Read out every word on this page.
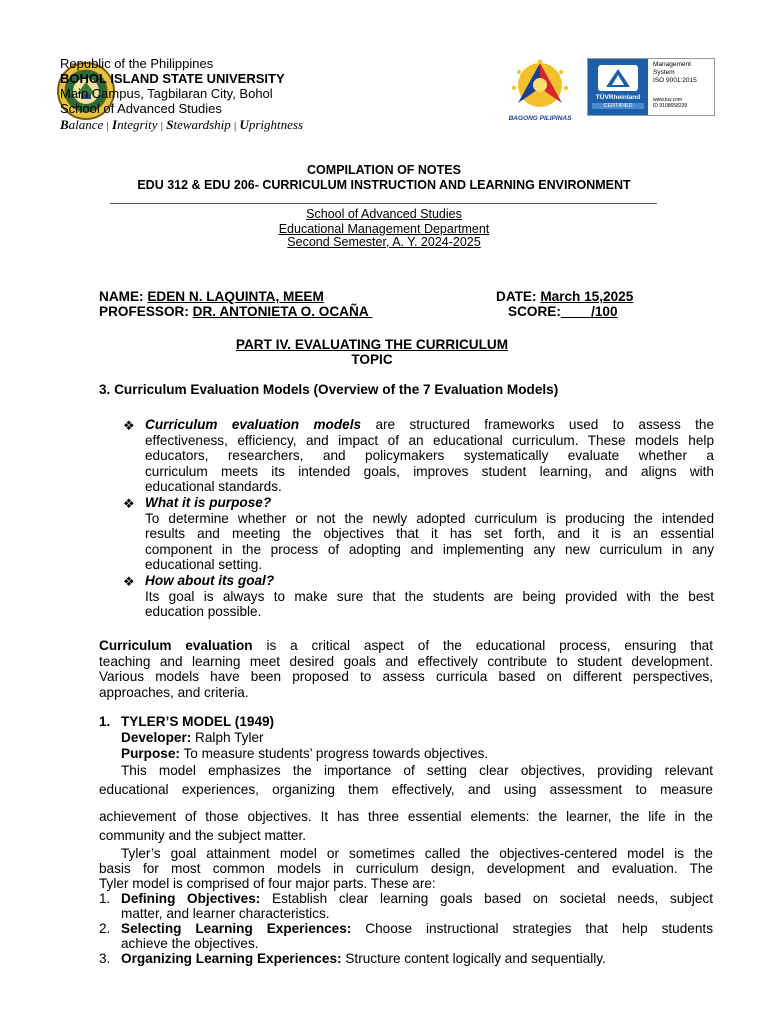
Republic of the Philippines
BOHOL ISLAND STATE UNIVERSITY
Main Campus, Tagbilaran City, Bohol
School of Advanced Studies
Balance | Integrity | Stewardship | Uprightness	BAGONG PILIPINAS
TÜVRheinland
CERTIFIED
Management
System
ISO 9001:2015
www.tuv.com
ID 9108658239
COMPILATION OF NOTES
EDU 312 & EDU 206- CURRICULUM INSTRUCTION AND LEARNING ENVIRONMENT
School of Advanced Studies
Educational Management Department
Second Semester, A. Y. 2024-2025
NAME: EDEN N. LAQUINTA, MEEM	DATE: March 15,2025
PROFESSOR: DR. ANTONIETA O. OCAÑA	SCORE: /100
PART IV. EVALUATING THE CURRICULUM
TOPIC
3. Curriculum Evaluation Models (Overview of the 7 Evaluation Models)
❖ Curriculum evaluation models are structured frameworks used to assess the
effectiveness, efficiency, and impact of an educational curriculum. These models help
educators, researchers, and policymakers systematically evaluate whether a
curriculum meets its intended goals, improves student learning, and aligns with
educational standards.
❖ What it is purpose?
To determine whether or not the newly adopted curriculum is producing the intended
results and meeting the objectives that it has set forth, and it is an essential
component in the process of adopting and implementing any new curriculum in any
educational setting.
❖ How about its goal?
Its goal is always to make sure that the students are being provided with the best
education possible.
Curriculum evaluation is a critical aspect of the educational process, ensuring that
teaching and learning meet desired goals and effectively contribute to student development.
Various models have been proposed to assess curricula based on different perspectives,
approaches, and criteria.
1. TYLER’S MODEL (1949)
Developer: Ralph Tyler
Purpose: To measure students’ progress towards objectives.
This model emphasizes the importance of setting clear objectives, providing relevant
educational experiences, organizing them effectively, and using assessment to measure
achievement of those objectives. It has three essential elements: the learner, the life in the
community and the subject matter.
Tyler’s goal attainment model or sometimes called the objectives-centered model is the
basis for most common models in curriculum design, development and evaluation. The
Tyler model is comprised of four major parts. These are:
1. Defining Objectives: Establish clear learning goals based on societal needs, subject
matter, and learner characteristics.
2. Selecting Learning Experiences: Choose instructional strategies that help students
achieve the objectives.
3. Organizing Learning Experiences: Structure content logically and sequentially.
